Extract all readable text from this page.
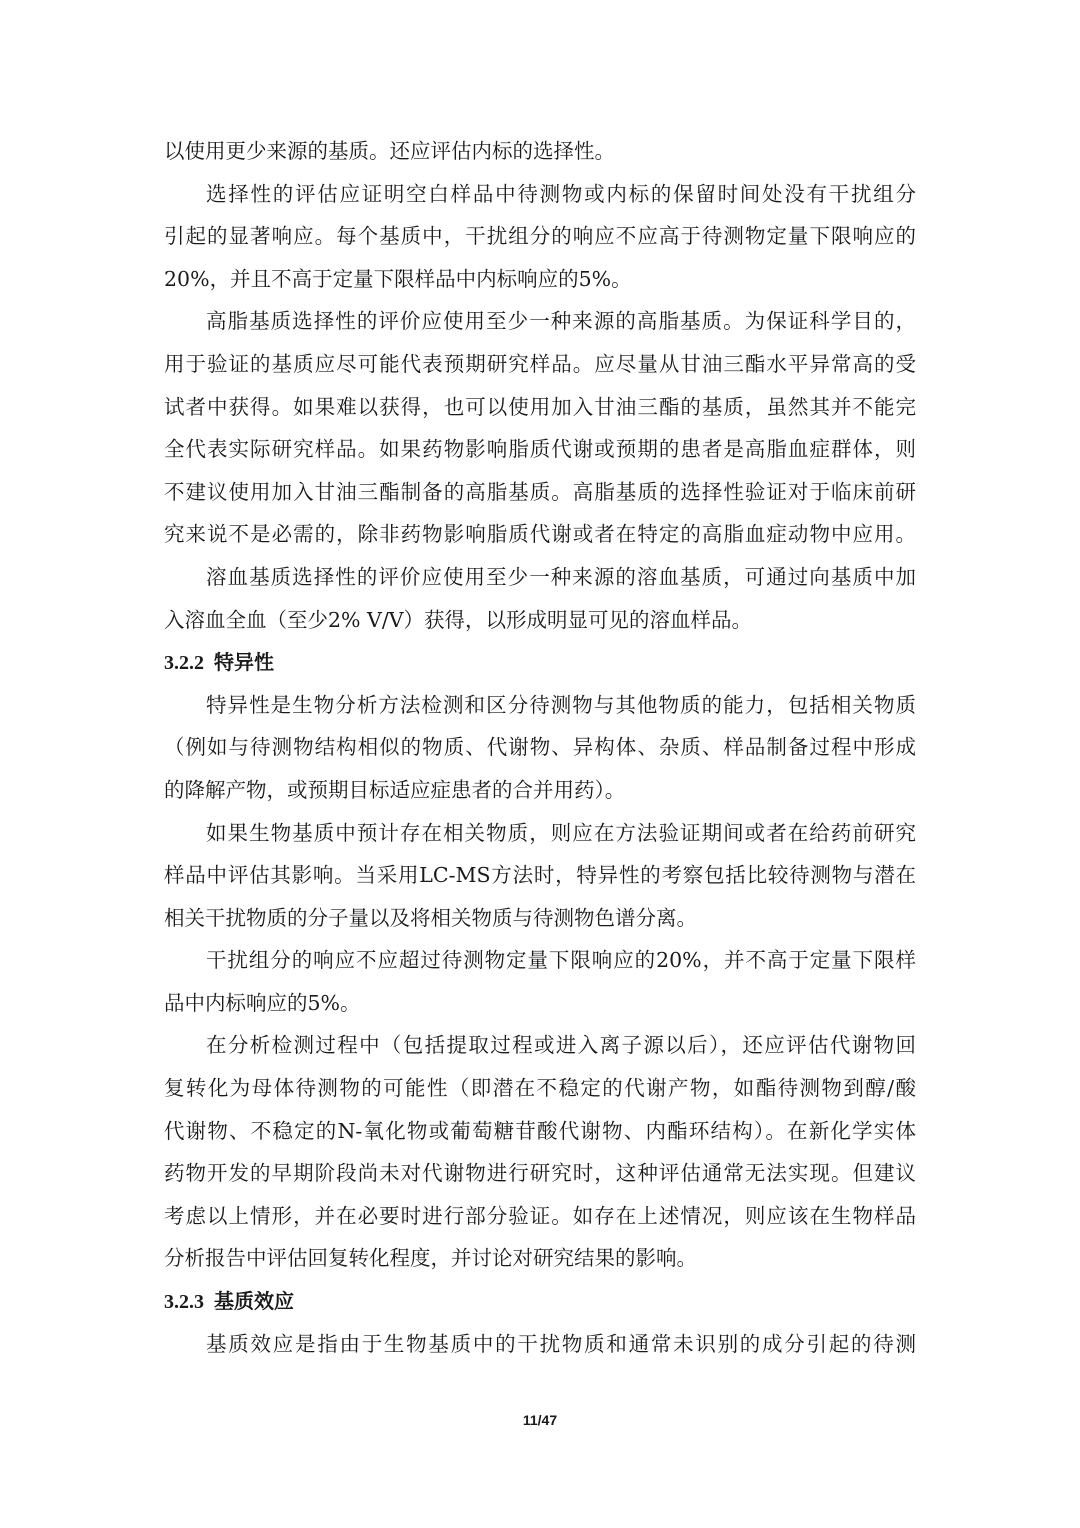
以使用更少来源的基质。还应评估内标的选择性。
选择性的评估应证明空白样品中待测物或内标的保留时间处没有干扰组分
引起的显著响应。每个基质中，干扰组分的响应不应高于待测物定量下限响应的
20%，并且不高于定量下限样品中内标响应的5%。
高脂基质选择性的评价应使用至少一种来源的高脂基质。为保证科学目的，
用于验证的基质应尽可能代表预期研究样品。应尽量从甘油三酯水平异常高的受
试者中获得。如果难以获得，也可以使用加入甘油三酯的基质，虽然其并不能完
全代表实际研究样品。如果药物影响脂质代谢或预期的患者是高脂血症群体，则
不建议使用加入甘油三酯制备的高脂基质。高脂基质的选择性验证对于临床前研
究来说不是必需的，除非药物影响脂质代谢或者在特定的高脂血症动物中应用。
溶血基质选择性的评价应使用至少一种来源的溶血基质，可通过向基质中加
入溶血全血（至少2% V/V）获得，以形成明显可见的溶血样品。
3.2.2 特异性
特异性是生物分析方法检测和区分待测物与其他物质的能力，包括相关物质
（例如与待测物结构相似的物质、代谢物、异构体、杂质、样品制备过程中形成
的降解产物，或预期目标适应症患者的合并用药）。
如果生物基质中预计存在相关物质，则应在方法验证期间或者在给药前研究
样品中评估其影响。当采用LC-MS方法时，特异性的考察包括比较待测物与潜在
相关干扰物质的分子量以及将相关物质与待测物色谱分离。
干扰组分的响应不应超过待测物定量下限响应的20%，并不高于定量下限样
品中内标响应的5%。
在分析检测过程中（包括提取过程或进入离子源以后），还应评估代谢物回
复转化为母体待测物的可能性（即潜在不稳定的代谢产物，如酯待测物到醇/酸
代谢物、不稳定的N-氧化物或葡萄糖苷酸代谢物、内酯环结构）。在新化学实体
药物开发的早期阶段尚未对代谢物进行研究时，这种评估通常无法实现。但建议
考虑以上情形，并在必要时进行部分验证。如存在上述情况，则应该在生物样品
分析报告中评估回复转化程度，并讨论对研究结果的影响。
3.2.3 基质效应
基质效应是指由于生物基质中的干扰物质和通常未识别的成分引起的待测
11/47
